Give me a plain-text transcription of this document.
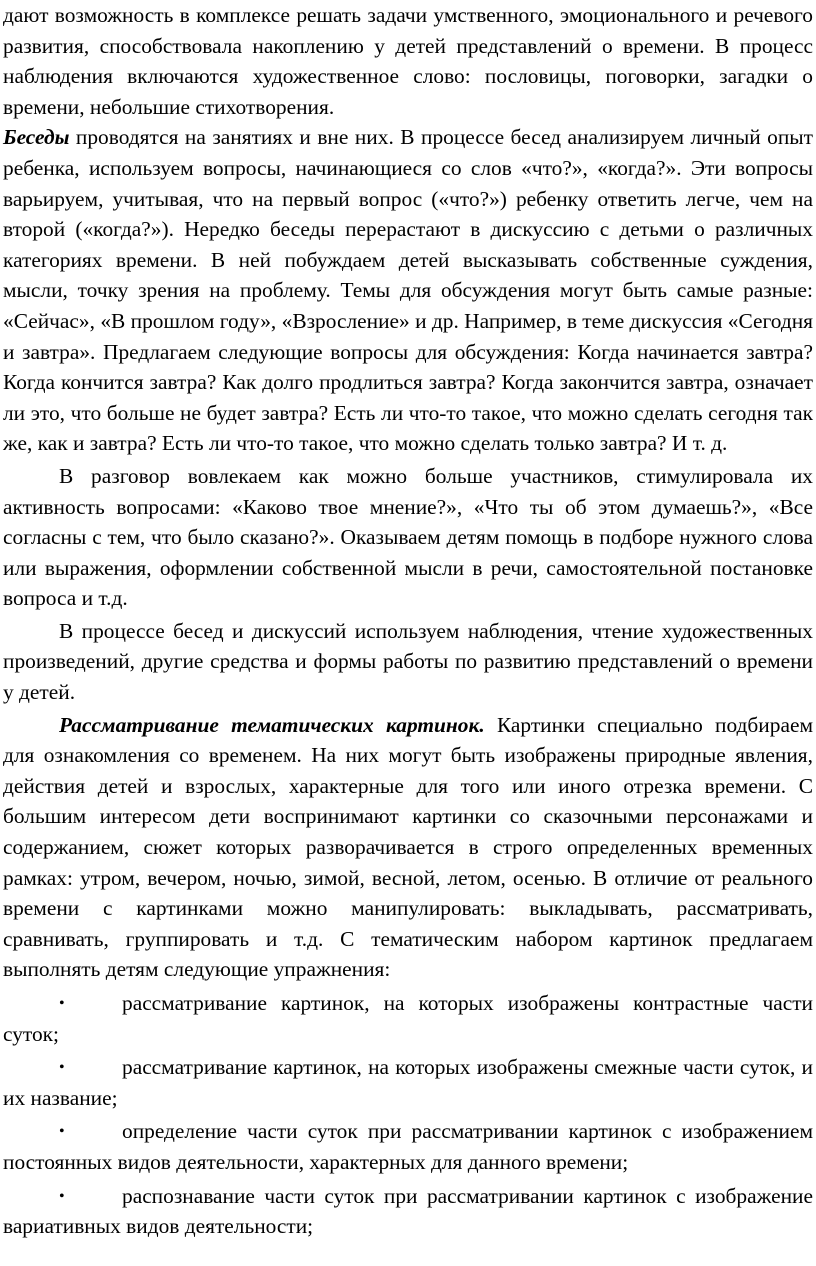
дают возможность в комплексе решать задачи умственного, эмоционального и речевого развития, способствовала накоплению у детей представлений о времени. В процесс наблюдения включаются художественное слово: пословицы, поговорки, загадки о времени, небольшие стихотворения.

Беседы проводятся на занятиях и вне них. В процессе бесед анализируем личный опыт ребенка, используем вопросы, начинающиеся со слов «что?», «когда?». Эти вопросы варьируем, учитывая, что на первый вопрос («что?») ребенку ответить легче, чем на второй («когда?»). Нередко беседы перерастают в дискуссию с детьми о различных категориях времени. В ней побуждаем детей высказывать собственные суждения, мысли, точку зрения на проблему. Темы для обсуждения могут быть самые разные: «Сейчас», «В прошлом году», «Взросление» и др. Например, в теме дискуссия «Сегодня и завтра». Предлагаем следующие вопросы для обсуждения: Когда начинается завтра? Когда кончится завтра? Как долго продлиться завтра? Когда закончится завтра, означает ли это, что больше не будет завтра? Есть ли что-то такое, что можно сделать сегодня так же, как и завтра? Есть ли что-то такое, что можно сделать только завтра? И т. д.

В разговор вовлекаем как можно больше участников, стимулировала их активность вопросами: «Каково твое мнение?», «Что ты об этом думаешь?», «Все согласны с тем, что было сказано?». Оказываем детям помощь в подборе нужного слова или выражения, оформлении собственной мысли в речи, самостоятельной постановке вопроса и т.д.

В процессе бесед и дискуссий используем наблюдения, чтение художественных произведений, другие средства и формы работы по развитию представлений о времени у детей.

Рассматривание тематических картинок. Картинки специально подбираем для ознакомления со временем. На них могут быть изображены природные явления, действия детей и взрослых, характерные для того или иного отрезка времени. С большим интересом дети воспринимают картинки со сказочными персонажами и содержанием, сюжет которых разворачивается в строго определенных временных рамках: утром, вечером, ночью, зимой, весной, летом, осенью. В отличие от реального времени с картинками можно манипулировать: выкладывать, рассматривать, сравнивать, группировать и т.д. С тематическим набором картинок предлагаем выполнять детям следующие упражнения:

•	рассматривание картинок, на которых изображены контрастные части суток;
•	рассматривание картинок, на которых изображены смежные части суток, и их название;
•	определение части суток при рассматривании картинок с изображением постоянных видов деятельности, характерных для данного времени;
•	распознавание части суток при рассматривании картинок с изображение вариативных видов деятельности;
